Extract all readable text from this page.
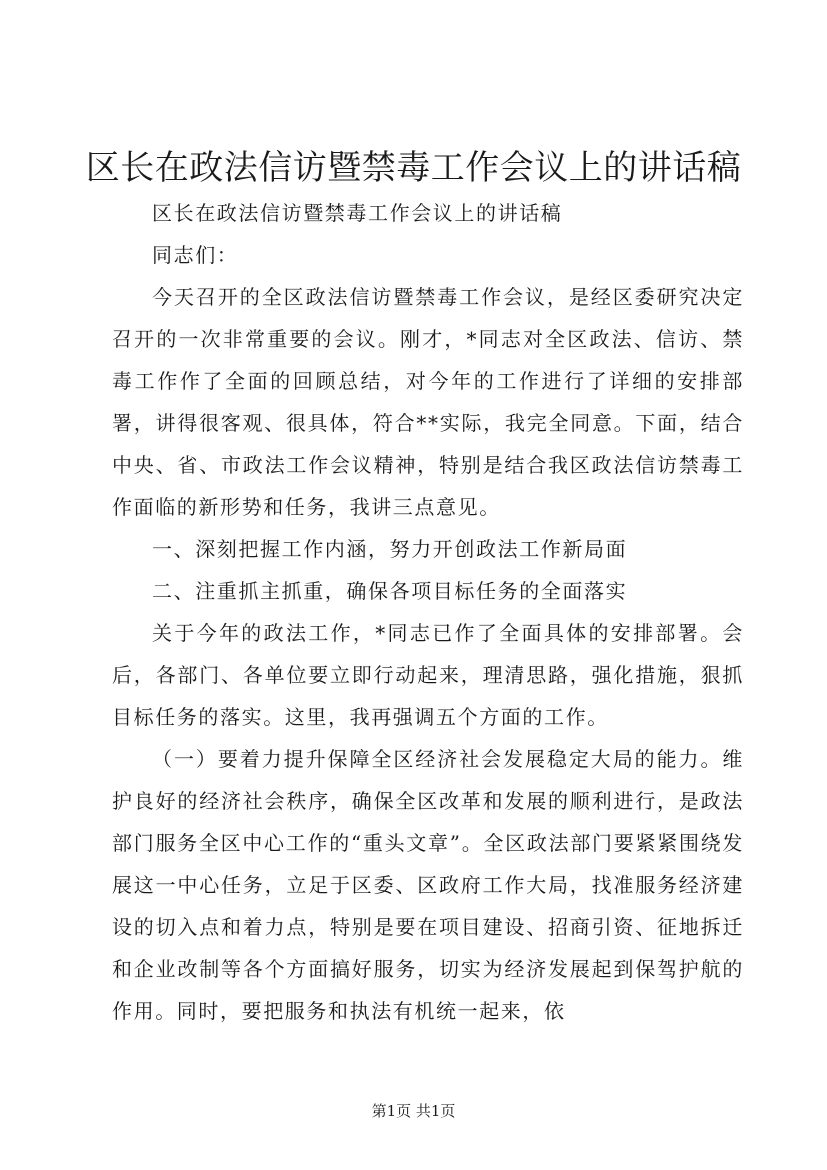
区长在政法信访暨禁毒工作会议上的讲话稿

区长在政法信访暨禁毒工作会议上的讲话稿

同志们：

今天召开的全区政法信访暨禁毒工作会议，是经区委研究决定召开的一次非常重要的会议。刚才，*同志对全区政法、信访、禁毒工作作了全面的回顾总结，对今年的工作进行了详细的安排部署，讲得很客观、很具体，符合**实际，我完全同意。下面，结合中央、省、市政法工作会议精神，特别是结合我区政法信访禁毒工作面临的新形势和任务，我讲三点意见。

一、深刻把握工作内涵，努力开创政法工作新局面

二、注重抓主抓重，确保各项目标任务的全面落实

关于今年的政法工作，*同志已作了全面具体的安排部署。会后，各部门、各单位要立即行动起来，理清思路，强化措施，狠抓目标任务的落实。这里，我再强调五个方面的工作。

（一）要着力提升保障全区经济社会发展稳定大局的能力。维护良好的经济社会秩序，确保全区改革和发展的顺利进行，是政法部门服务全区中心工作的“重头文章”。全区政法部门要紧紧围绕发展这一中心任务，立足于区委、区政府工作大局，找准服务经济建设的切入点和着力点，特别是要在项目建设、招商引资、征地拆迁和企业改制等各个方面搞好服务，切实为经济发展起到保驾护航的作用。同时，要把服务和执法有机统一起来，依

第1页 共1页
